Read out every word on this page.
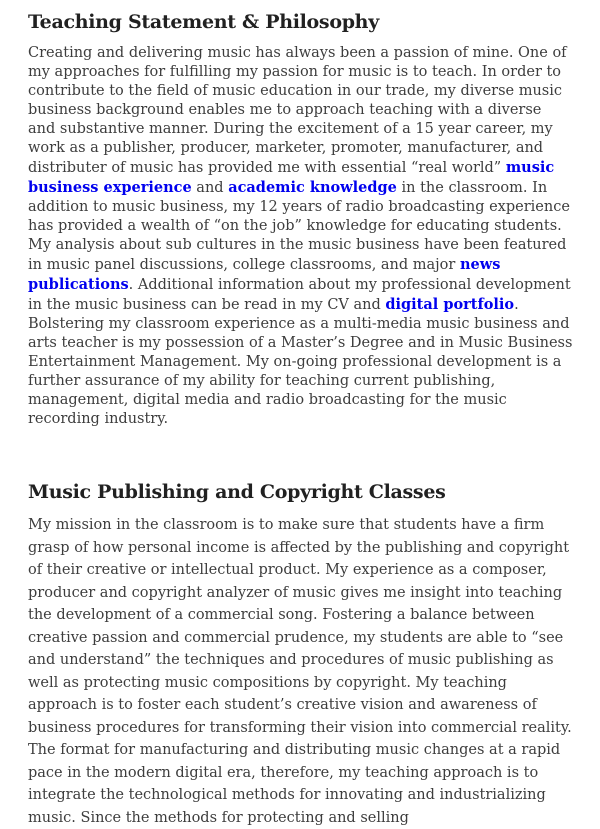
Teaching Statement & Philosophy

Creating and delivering music has always been a passion of mine. One of my approaches for fulfilling my passion for music is to teach. In order to contribute to the field of music education in our trade, my diverse music business background enables me to approach teaching with a diverse and substantive manner. During the excitement of a 15 year career, my work as a publisher, producer, marketer, promoter, manufacturer, and distributer of music has provided me with essential “real world” music business experience and academic knowledge in the classroom. In addition to music business, my 12 years of radio broadcasting experience has provided a wealth of “on the job” knowledge for educating students. My analysis about sub cultures in the music business have been featured in music panel discussions, college classrooms, and major news publications. Additional information about my professional development in the music business can be read in my CV and digital portfolio. Bolstering my classroom experience as a multi-media music business and arts teacher is my possession of a Master’s Degree and in Music Business Entertainment Management. My on-going professional development is a further assurance of my ability for teaching current publishing, management, digital media and radio broadcasting for the music recording industry.

Music Publishing and Copyright Classes

My mission in the classroom is to make sure that students have a firm grasp of how personal income is affected by the publishing and copyright of their creative or intellectual product. My experience as a composer, producer and copyright analyzer of music gives me insight into teaching the development of a commercial song. Fostering a balance between creative passion and commercial prudence, my students are able to “see and understand” the techniques and procedures of music publishing as well as protecting music compositions by copyright. My teaching approach is to foster each student’s creative vision and awareness of business procedures for transforming their vision into commercial reality. The format for manufacturing and distributing music changes at a rapid pace in the modern digital era, therefore, my teaching approach is to integrate the technological methods for innovating and industrializing music. Since the methods for protecting and selling
